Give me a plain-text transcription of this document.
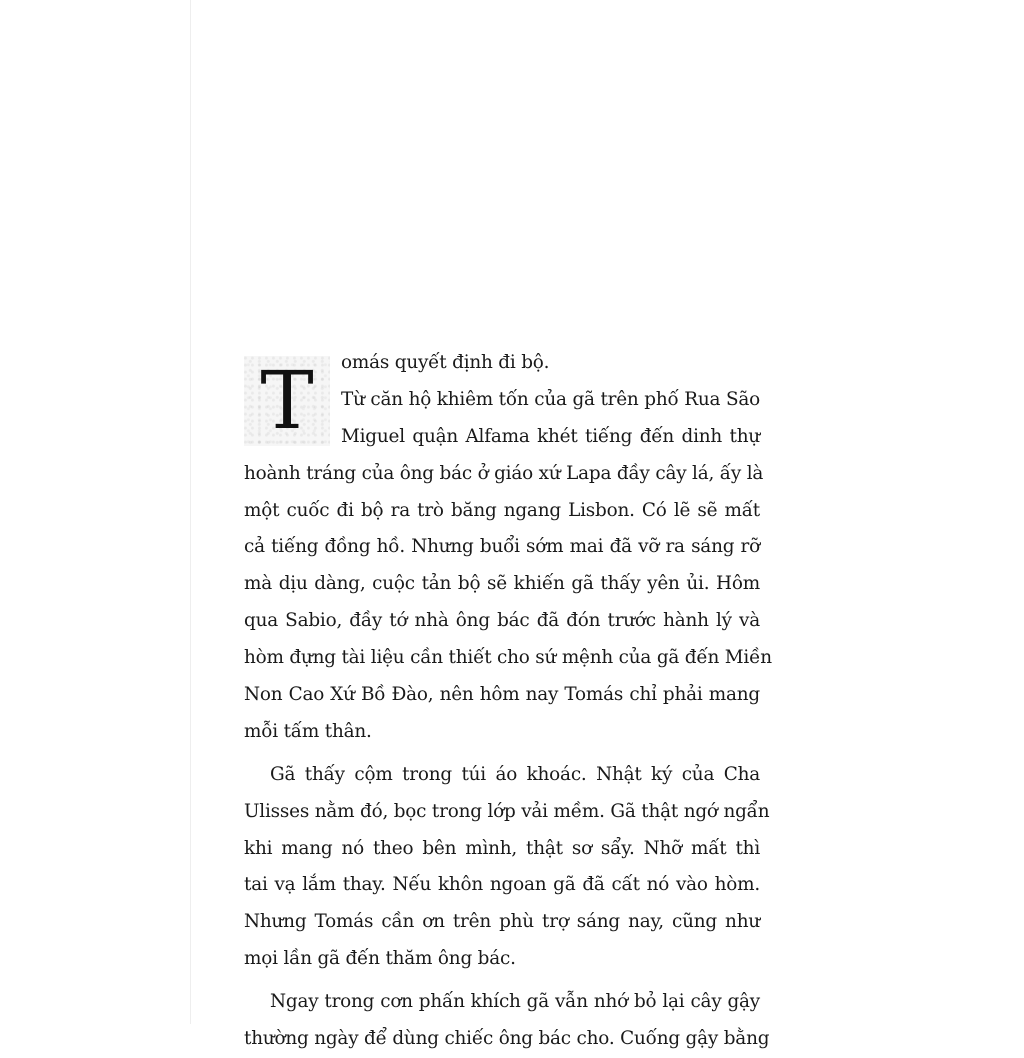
T	omás quyết định đi bộ.
Từ căn hộ khiêm tốn của gã trên phố Rua São
Miguel quận Alfama khét tiếng đến dinh thự
hoành tráng của ông bác ở giáo xứ Lapa đầy cây lá, ấy là
một cuốc đi bộ ra trò băng ngang Lisbon. Có lẽ sẽ mất
cả tiếng đồng hồ. Nhưng buổi sớm mai đã vỡ ra sáng rỡ
mà dịu dàng, cuộc tản bộ sẽ khiến gã thấy yên ủi. Hôm
qua Sabio, đầy tớ nhà ông bác đã đón trước hành lý và
hòm đựng tài liệu cần thiết cho sứ mệnh của gã đến Miền
Non Cao Xứ Bồ Đào, nên hôm nay Tomás chỉ phải mang
mỗi tấm thân.
Gã thấy cộm trong túi áo khoác. Nhật ký của Cha
Ulisses nằm đó, bọc trong lớp vải mềm. Gã thật ngớ ngẩn
khi mang nó theo bên mình, thật sơ sẩy. Nhỡ mất thì
tai vạ lắm thay. Nếu khôn ngoan gã đã cất nó vào hòm.
Nhưng Tomás cần ơn trên phù trợ sáng nay, cũng như
mọi lần gã đến thăm ông bác.
Ngay trong cơn phấn khích gã vẫn nhớ bỏ lại cây gậy
thường ngày để dùng chiếc ông bác cho. Cuống gậy bằng
